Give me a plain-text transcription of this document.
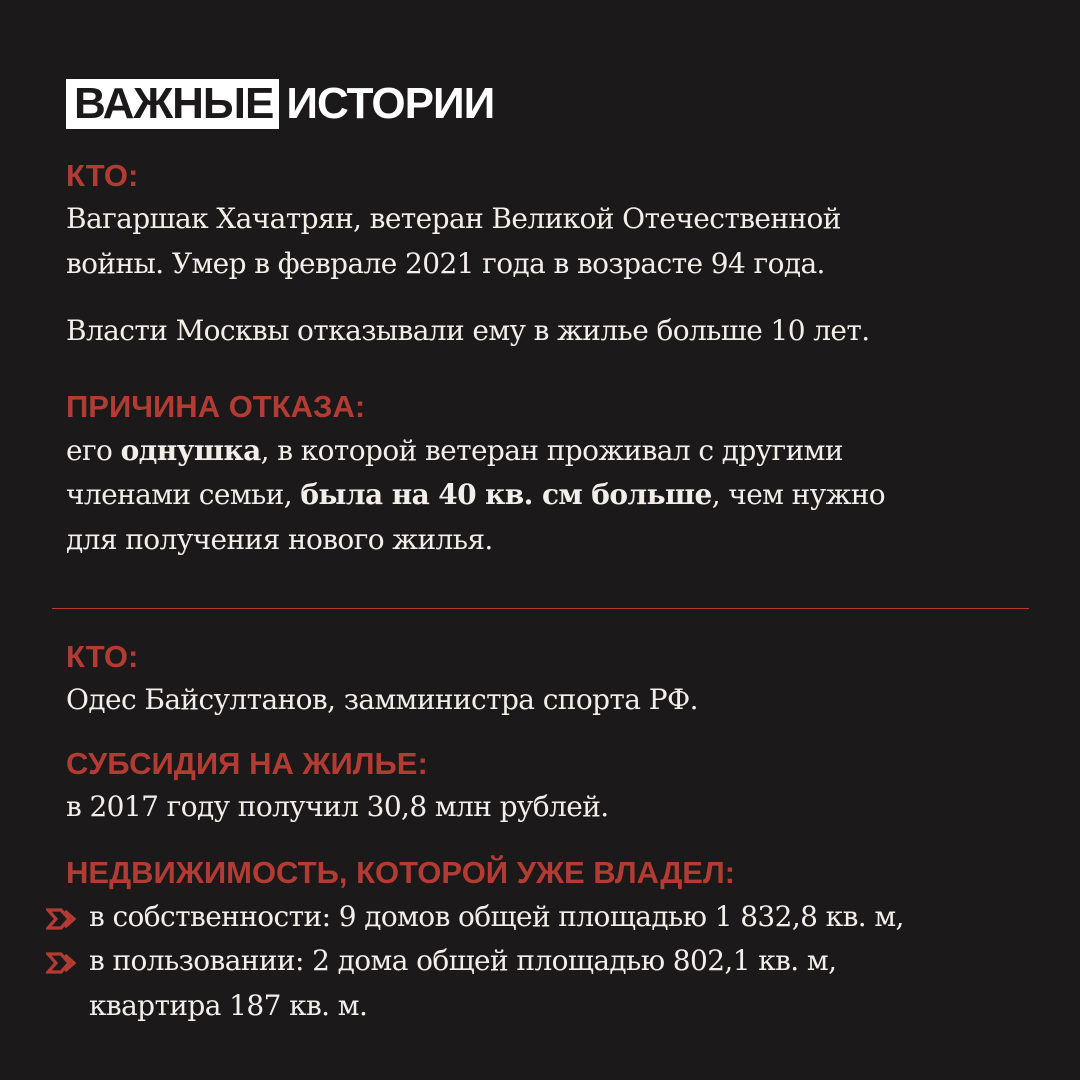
ВАЖНЫЕ ИСТОРИИ
КТО:
Вагаршак Хачатрян, ветеран Великой Отечественной
войны. Умер в феврале 2021 года в возрасте 94 года.
Власти Москвы отказывали ему в жилье больше 10 лет.
ПРИЧИНА ОТКАЗА:
его однушка, в которой ветеран проживал с другими
членами семьи, была на 40 кв. см больше, чем нужно
для получения нового жилья.
КТО:
Одес Байсултанов, замминистра спорта РФ.
СУБСИДИЯ НА ЖИЛЬЕ:
в 2017 году получил 30,8 млн рублей.
НЕДВИЖИМОСТЬ, КОТОРОЙ УЖЕ ВЛАДЕЛ:
в собственности: 9 домов общей площадью 1 832,8 кв. м,
в пользовании: 2 дома общей площадью 802,1 кв. м,
квартира 187 кв. м.
